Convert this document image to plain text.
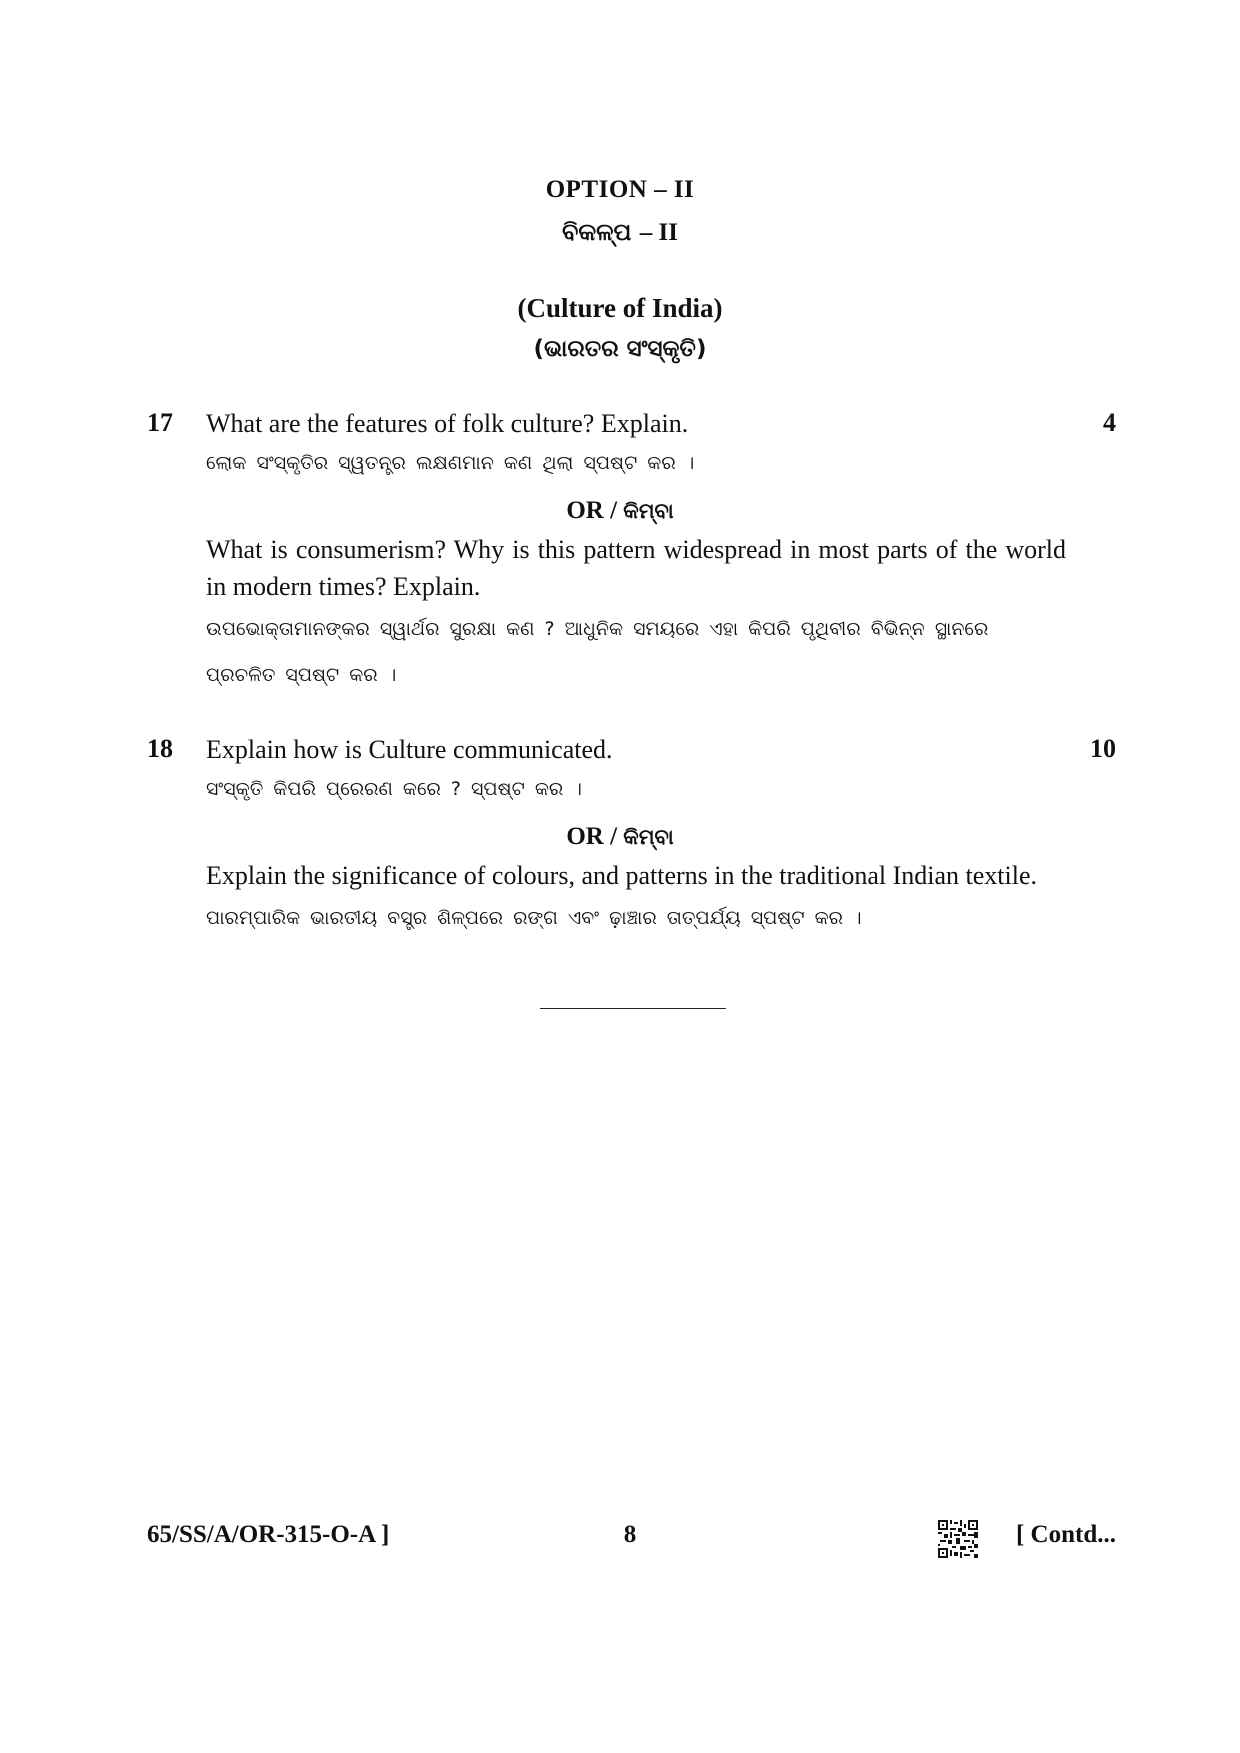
OPTION – II
ବିକଳ୍ପ – II
(Culture of India)
(ଭାରତର ସଂସ୍କୃତି)
17	4
What are the features of folk culture? Explain.
ଲୋକ ସଂସ୍କୃତିର ସ୍ୱତନ୍ତ୍ର ଲକ୍ଷଣମାନ କଣ ଥିଲା ସ୍ପଷ୍ଟ କର ।
OR / କିମ୍ବା
What is consumerism? Why is this pattern widespread in most parts of the world in modern times? Explain.
ଉପଭୋକ୍ତାମାନଙ୍କର ସ୍ୱାର୍ଥର ସୁରକ୍ଷା କଣ ? ଆଧୁନିକ ସମୟରେ ଏହା କିପରି ପୃଥିବୀର ବିଭିନ୍ନ ସ୍ଥାନରେ ପ୍ରଚଳିତ ସ୍ପଷ୍ଟ କର ।
18	10
Explain how is Culture communicated.
ସଂସ୍କୃତି କିପରି ପ୍ରେରଣ କରେ ? ସ୍ପଷ୍ଟ କର ।
OR / କିମ୍ବା
Explain the significance of colours, and patterns in the traditional Indian textile.
ପାରମ୍ପାରିକ ଭାରତୀୟ ବସ୍ତ୍ର ଶିଳ୍ପରେ ରଙ୍ଗ ଏବଂ ଢ଼ାଞ୍ଚାର ତାତ୍ପର୍ଯ୍ୟ ସ୍ପଷ୍ଟ କର ।
65/SS/A/OR-315-O-A ]	8	[ Contd...
